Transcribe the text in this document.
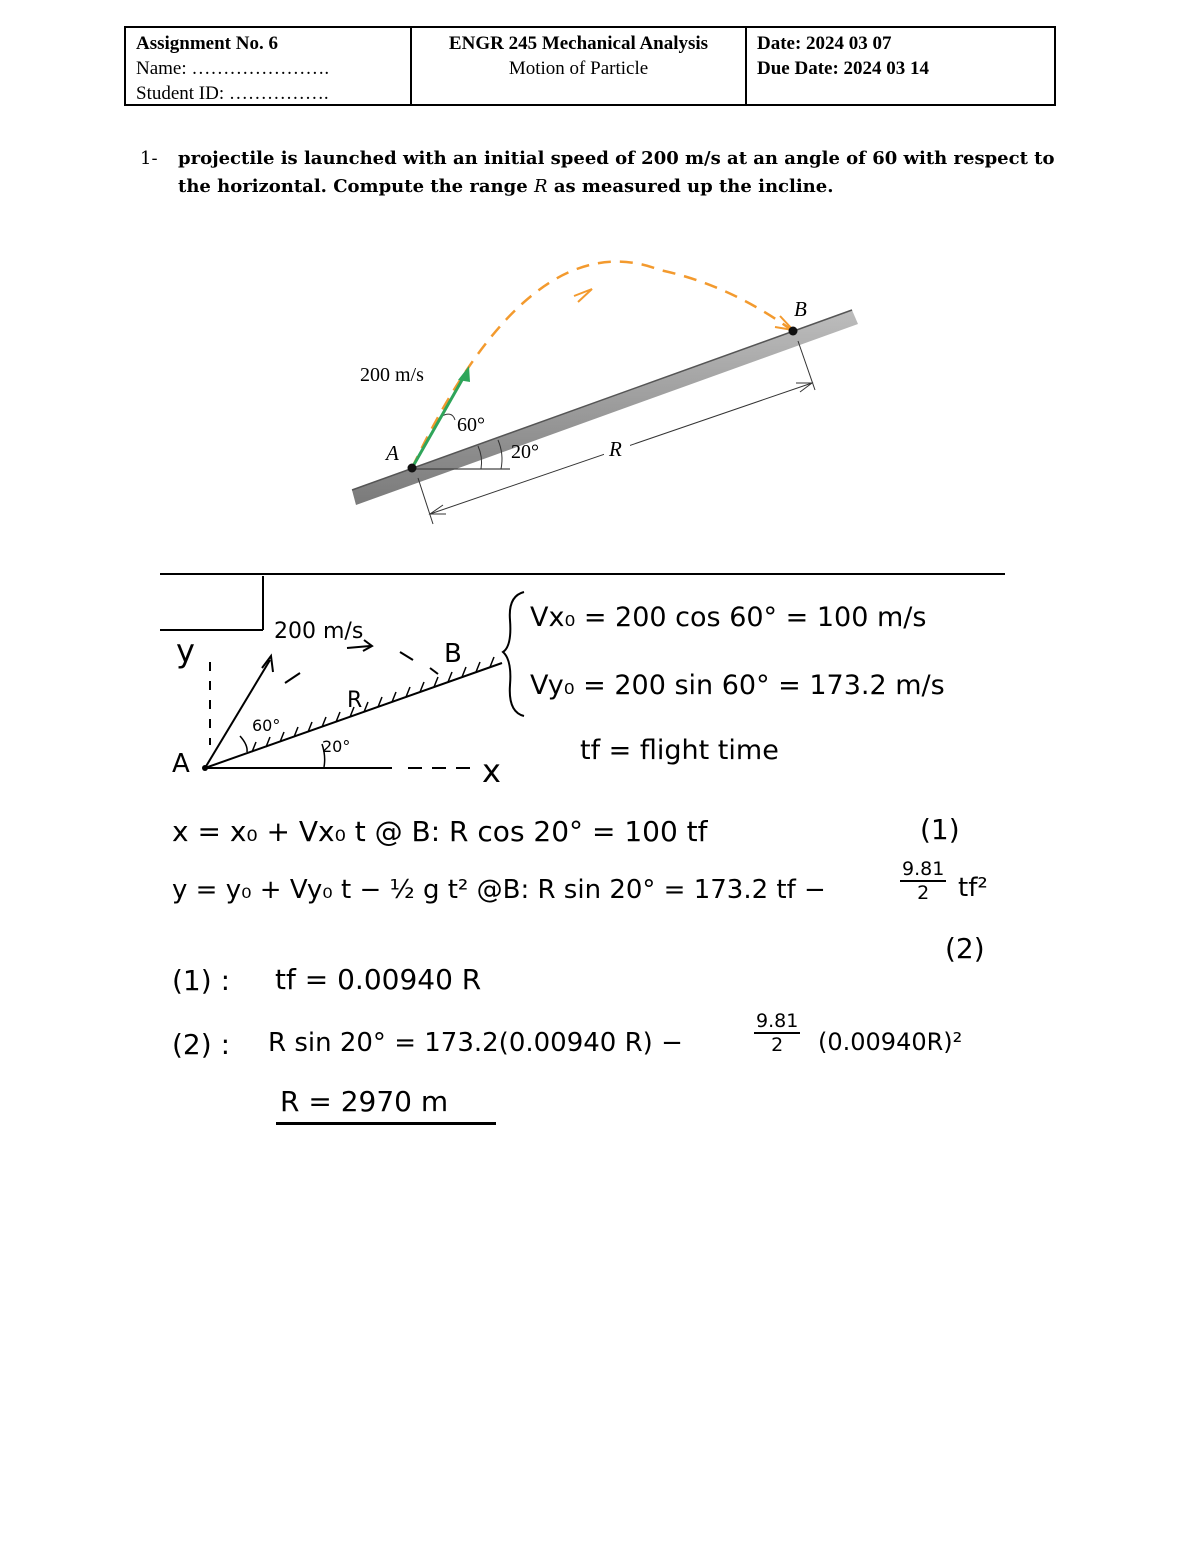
Assignment No. 6
Name: ………………….
Student ID: …………….
ENGR 245 Mechanical Analysis
Motion of Particle
Date: 2024 03 07
Due Date: 2024 03 14
1- projectile is launched with an initial speed of 200 m/s at an angle of 60 with respect to the horizontal. Compute the range R as measured up the incline.
200 m/s
60°
20°
A
B
R
200 m/s
B
y
x
A
R
60°
20°
Vx₀ = 200 cos 60° = 100 m/s
Vy₀ = 200 sin 60° = 173.2 m/s
tf = flight time
x = x₀ + Vx₀ t @ B: R cos 20° = 100 tf	(1)
y = y₀ + Vy₀ t − ½ g t² @B: R sin 20° = 173.2 tf −	$\frac{9.81}{2} tf^2$
(2)
(1) : tf = 0.00940 R
(2) : R sin 20° = 173.2(0.00940 R) −	$\frac{9.81}{2} (0.00940R)^2$
R = 2970 m
